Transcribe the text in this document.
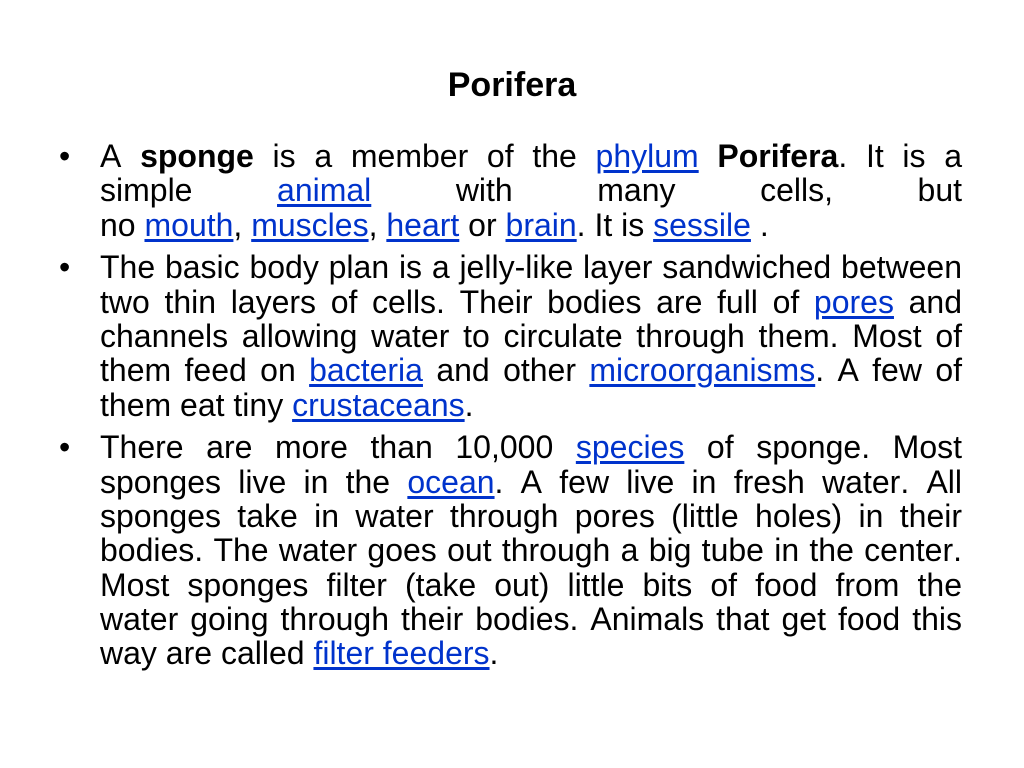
Porifera
• A sponge is a member of the phylum Porifera. It is a
simple animal with many cells, but
no mouth, muscles, heart or brain. It is sessile .
• The basic body plan is a jelly-like layer sandwiched between
two thin layers of cells. Their bodies are full of pores and
channels allowing water to circulate through them. Most of
them feed on bacteria and other microorganisms. A few of
them eat tiny crustaceans.
• There are more than 10,000 species of sponge. Most
sponges live in the ocean. A few live in fresh water. All
sponges take in water through pores (little holes) in their
bodies. The water goes out through a big tube in the center.
Most sponges filter (take out) little bits of food from the
water going through their bodies. Animals that get food this
way are called filter feeders.
